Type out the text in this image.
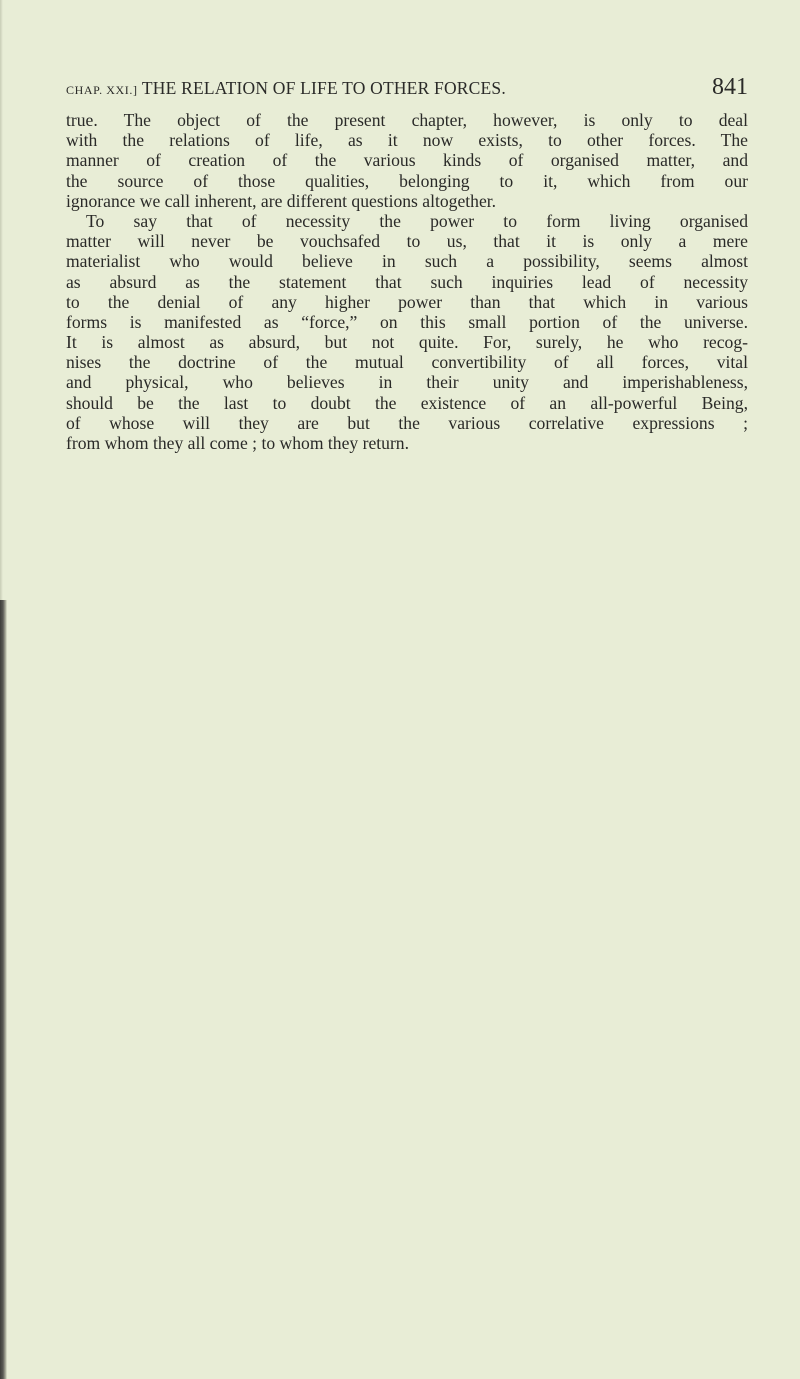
CHAP. XXI.] THE RELATION OF LIFE TO OTHER FORCES.	841
true. The object of the present chapter, however, is only to deal
with the relations of life, as it now exists, to other forces. The
manner of creation of the various kinds of organised matter, and
the source of those qualities, belonging to it, which from our
ignorance we call inherent, are different questions altogether.
To say that of necessity the power to form living organised
matter will never be vouchsafed to us, that it is only a mere
materialist who would believe in such a possibility, seems almost
as absurd as the statement that such inquiries lead of necessity
to the denial of any higher power than that which in various
forms is manifested as “force,” on this small portion of the universe.
It is almost as absurd, but not quite. For, surely, he who recog-
nises the doctrine of the mutual convertibility of all forces, vital
and physical, who believes in their unity and imperishableness,
should be the last to doubt the existence of an all-powerful Being,
of whose will they are but the various correlative expressions ;
from whom they all come ; to whom they return.
